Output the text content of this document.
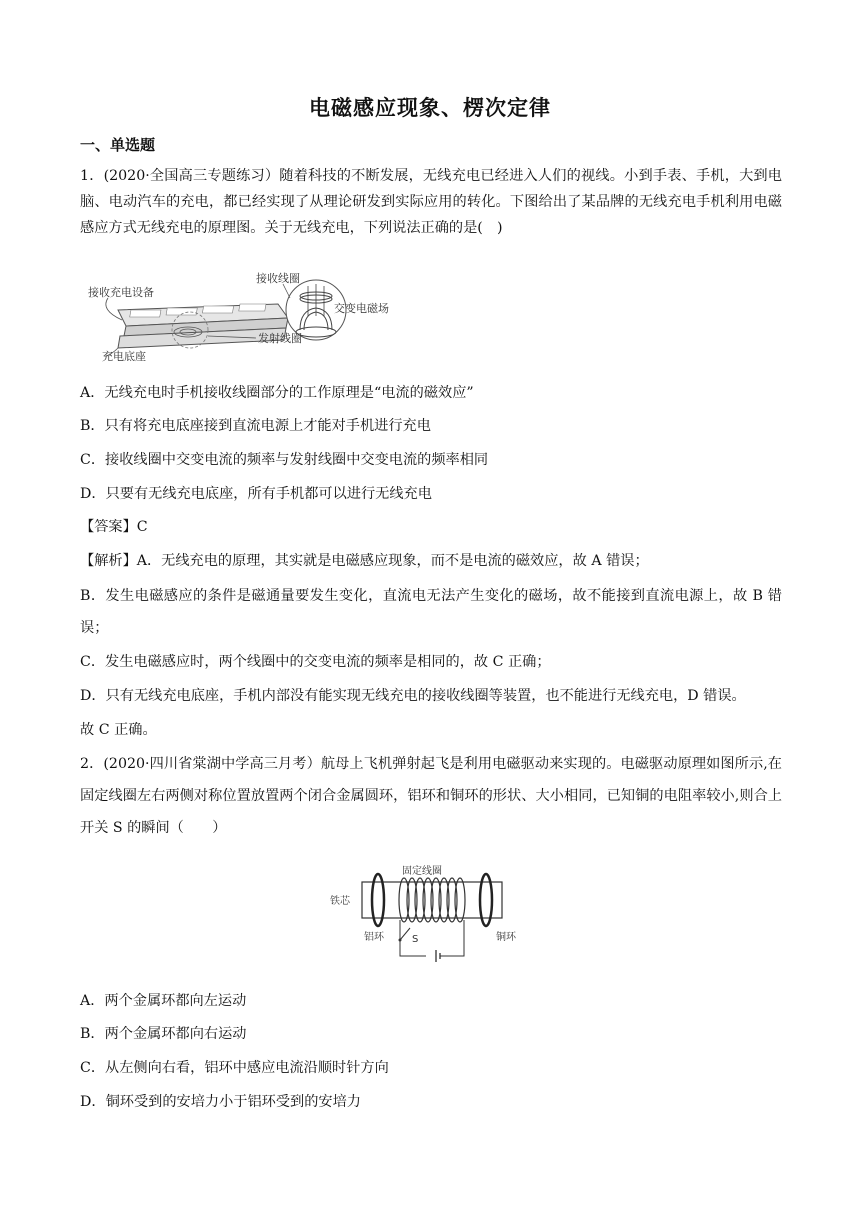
电磁感应现象、楞次定律
一、单选题
1．(2020·全国高三专题练习）随着科技的不断发展，无线充电已经进入人们的视线。小到手表、手机，大到电脑、电动汽车的充电，都已经实现了从理论研发到实际应用的转化。下图给出了某品牌的无线充电手机利用电磁感应方式无线充电的原理图。关于无线充电，下列说法正确的是(　)
接收充电设备
充电底座
接收线圈
交变电磁场
发射线圈
A．无线充电时手机接收线圈部分的工作原理是“电流的磁效应”
B．只有将充电底座接到直流电源上才能对手机进行充电
C．接收线圈中交变电流的频率与发射线圈中交变电流的频率相同
D．只要有无线充电底座，所有手机都可以进行无线充电
【答案】C
【解析】A．无线充电的原理，其实就是电磁感应现象，而不是电流的磁效应，故 A 错误；
B．发生电磁感应的条件是磁通量要发生变化，直流电无法产生变化的磁场，故不能接到直流电源上，故 B 错误；
C．发生电磁感应时，两个线圈中的交变电流的频率是相同的，故 C 正确；
D．只有无线充电底座，手机内部没有能实现无线充电的接收线圈等装置，也不能进行无线充电，D 错误。
故 C 正确。
2．(2020·四川省棠湖中学高三月考）航母上飞机弹射起飞是利用电磁驱动来实现的。电磁驱动原理如图所示,在固定线圈左右两侧对称位置放置两个闭合金属圆环，铝环和铜环的形状、大小相同，已知铜的电阻率较小,则合上开关 S 的瞬间（　　）
固定线圈
铁芯
铝环	铜环
S
A．两个金属环都向左运动
B．两个金属环都向右运动
C．从左侧向右看，铝环中感应电流沿顺时针方向
D．铜环受到的安培力小于铝环受到的安培力
